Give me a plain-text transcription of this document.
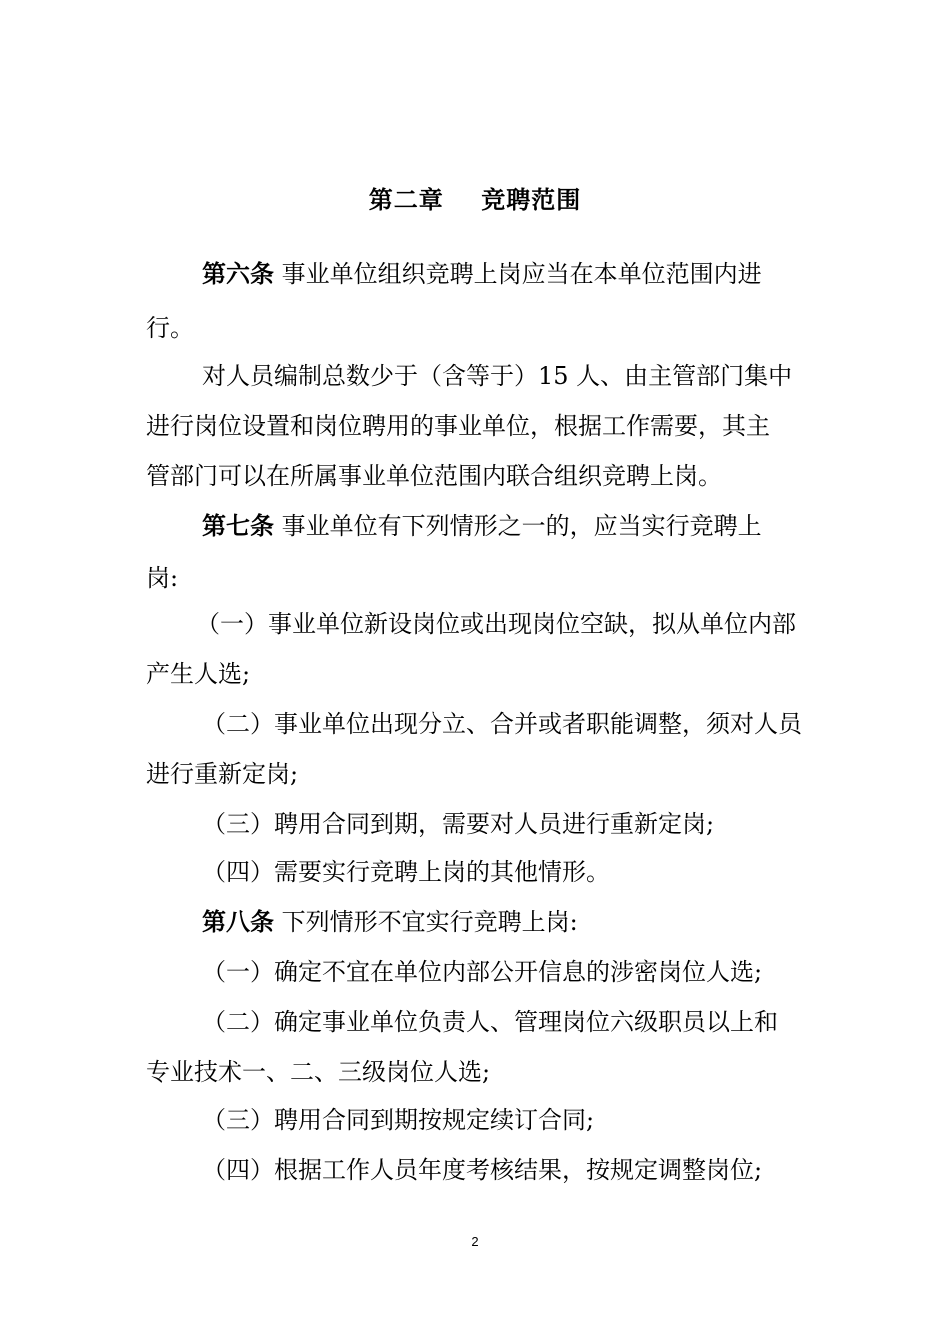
第二章    竞聘范围
第六条 事业单位组织竞聘上岗应当在本单位范围内进
行。
对人员编制总数少于（含等于）15 人、由主管部门集中
进行岗位设置和岗位聘用的事业单位，根据工作需要，其主
管部门可以在所属事业单位范围内联合组织竞聘上岗。
第七条 事业单位有下列情形之一的，应当实行竞聘上
岗:
（一）事业单位新设岗位或出现岗位空缺，拟从单位内部
产生人选;
（二）事业单位出现分立、合并或者职能调整，须对人员
进行重新定岗;
（三）聘用合同到期，需要对人员进行重新定岗;
（四）需要实行竞聘上岗的其他情形。
第八条 下列情形不宜实行竞聘上岗:
（一）确定不宜在单位内部公开信息的涉密岗位人选;
（二）确定事业单位负责人、管理岗位六级职员以上和
专业技术一、二、三级岗位人选;
（三）聘用合同到期按规定续订合同;
（四）根据工作人员年度考核结果，按规定调整岗位;
2
